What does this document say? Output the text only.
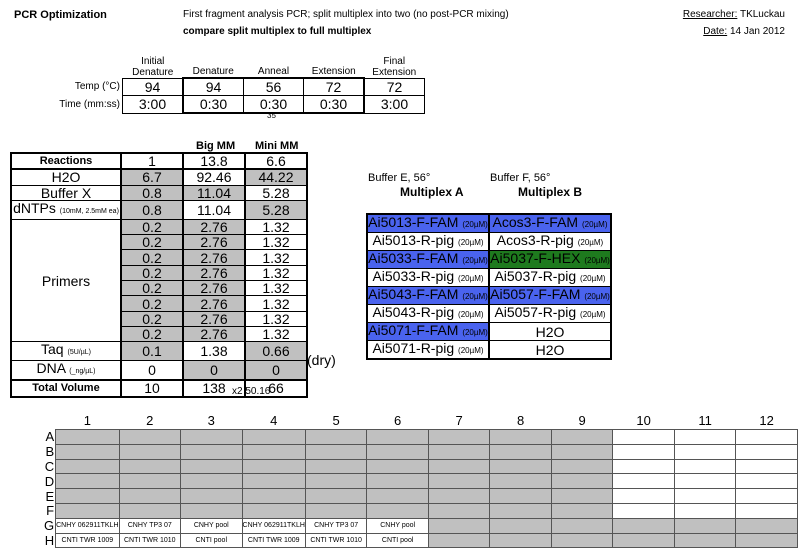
PCR Optimization	First fragment analysis PCR; split multiplex into two (no post-PCR mixing)
compare split multiplex to full multiplex
Researcher: TKLuckau
Date: 14 Jan 2012
	Initial
Denature	Denature	Anneal	Extension	Final
Extension
Temp (°C)	94	94	56	72	72
Time (mm:ss)	3:00	0:30	0:30	0:30	3:00
35
Big MM Mini MM
Reactions	1	13.8	6.6
H2O	6.7	92.46	44.22
Buffer X	0.8	11.04	5.28
dNTPs (10mM, 2.5mM ea)	0.8	11.04	5.28
Primers	0.2	2.76	1.32
	0.2	2.76	1.32
	0.2	2.76	1.32
	0.2	2.76	1.32
	0.2	2.76	1.32
	0.2	2.76	1.32
	0.2	2.76	1.32
	0.2	2.76	1.32
Taq (5U/µL)	0.1	1.38	0.66
DNA (_ng/µL)	0	0	0
Total Volume	10	138	66
(dry)
x2 50.16
Buffer E, 56°
Multiplex A
Buffer F, 56°
Multiplex B
Ai5013-F-FAM (20µM)	Acos3-F-FAM (20µM)
Ai5013-R-pig (20µM)	Acos3-R-pig (20µM)
Ai5033-F-FAM (20µM)	Ai5037-F-HEX (20µM)
Ai5033-R-pig (20µM)	Ai5037-R-pig (20µM)
Ai5043-F-FAM (20µM)	Ai5057-F-FAM (20µM)
Ai5043-R-pig (20µM)	Ai5057-R-pig (20µM)
Ai5071-F-FAM (20µM)	H2O
Ai5071-R-pig (20µM)	H2O
	1	2	3	4	5	6	7	8	9	10	11	12
A												
B												
C												
D												
E												
F												
G	CNHY 062911TKLH	CNHY TP3 07	CNHY pool	CNHY 062911TKLH	CNHY TP3 07	CNHY pool						
H	CNTI TWR 1009	CNTI TWR 1010	CNTI pool	CNTI TWR 1009	CNTI TWR 1010	CNTI pool						
